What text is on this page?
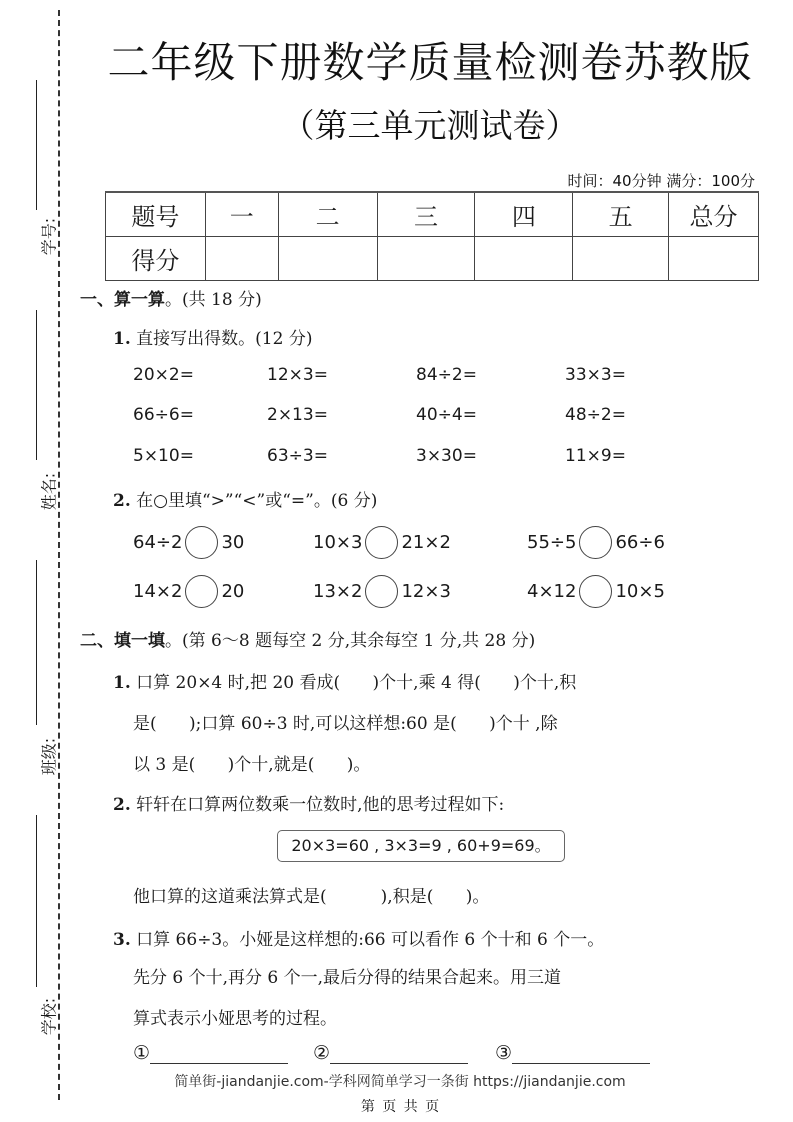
学号:
姓名:
班级:
学校:
二年级下册数学质量检测卷苏教版
（第三单元测试卷）
时间：40分钟 满分：100分
题号	一	二	三	四	五	总分
得分						
一、算一算。(共 18 分)
1. 直接写出得数。(12 分)
20×2=	12×3=	84÷2=	33×3=
66÷6=	2×13=	40÷4=	48÷2=
5×10=	63÷3=	3×30=	11×9=
2. 在○里填“>”“<”或“=”。(6 分)
64÷2 30	10×3 21×2	55÷5 66÷6
14×2 20	13×2 12×3	4×12 10×5
二、填一填。(第 6～8 题每空 2 分,其余每空 1 分,共 28 分)
1. 口算 20×4 时,把 20 看成(      )个十,乘 4 得(      )个十,积
是(      );口算 60÷3 时,可以这样想:60 是(      )个十 ,除
以 3 是(      )个十,就是(      )。
2. 轩轩在口算两位数乘一位数时,他的思考过程如下:
20×3=60 , 3×3=9 , 60+9=69。
他口算的这道乘法算式是(          ),积是(      )。
3. 口算 66÷3。小娅是这样想的:66 可以看作 6 个十和 6 个一。
先分 6 个十,再分 6 个一,最后分得的结果合起来。用三道
算式表示小娅思考的过程。
①	②	③
简单街-jiandanjie.com-学科网简单学习一条街 https://jiandanjie.com
第 页 共 页
